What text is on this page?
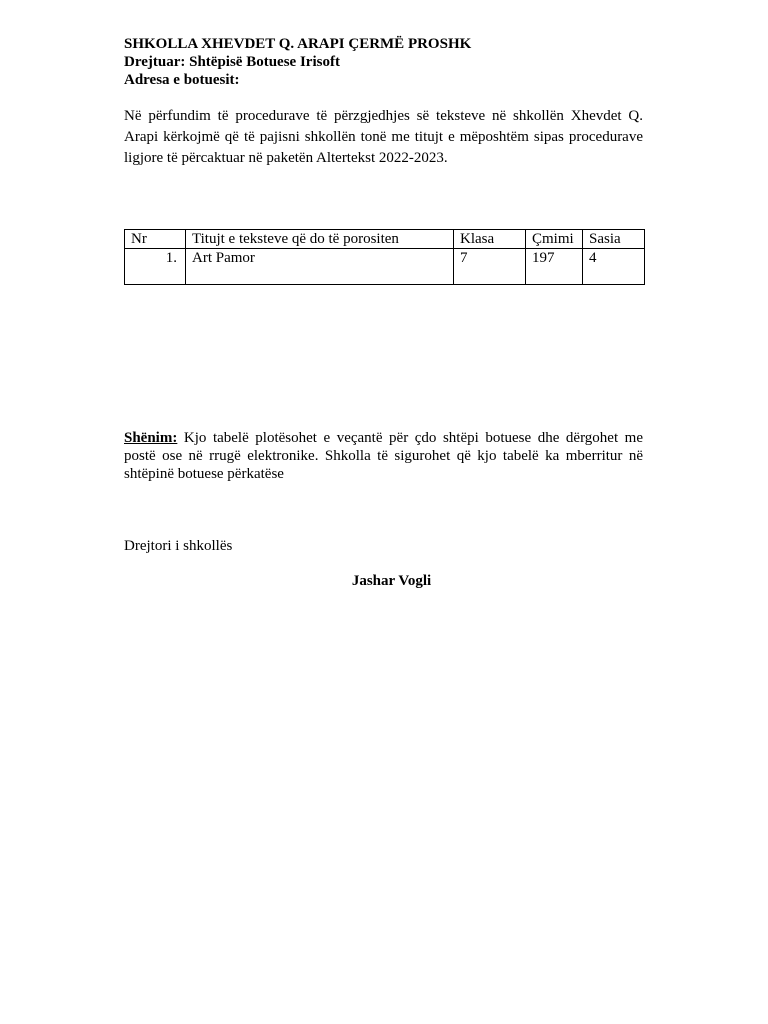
SHKOLLA XHEVDET Q. ARAPI ÇERMË PROSHK
Drejtuar: Shtëpisë Botuese Irisoft
Adresa e botuesit:
Në përfundim të procedurave të përzgjedhjes së teksteve në shkollën Xhevdet Q. Arapi kërkojmë që të pajisni shkollën tonë me titujt e mëposhtëm sipas procedurave ligjore të përcaktuar në paketën Altertekst 2022-2023.
Nr	Titujt e teksteve që do të porositen	Klasa	Çmimi	Sasia
1.	Art Pamor	7	197	4
Shënim: Kjo tabelë plotësohet e veçantë për çdo shtëpi botuese dhe dërgohet me postë ose në rrugë elektronike. Shkolla të sigurohet që kjo tabelë ka mberritur në shtëpinë botuese përkatëse
Drejtori i shkollës
Jashar Vogli
